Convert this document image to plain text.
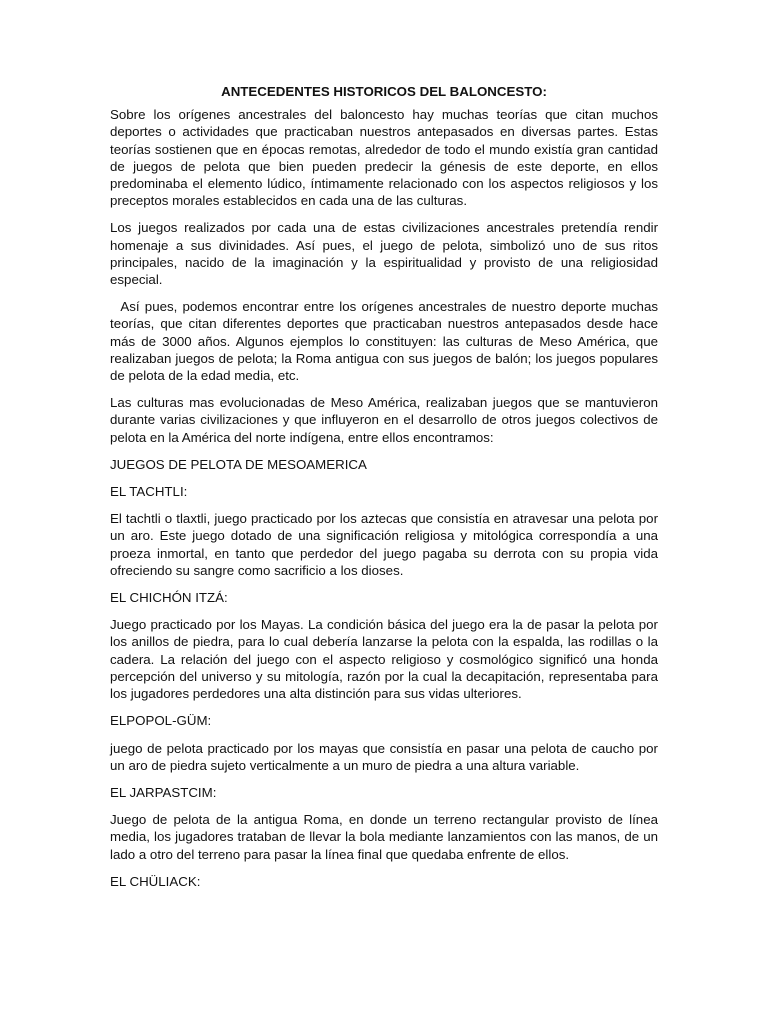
ANTECEDENTES HISTORICOS DEL BALONCESTO:
Sobre los orígenes ancestrales del baloncesto hay muchas teorías que citan muchos deportes o actividades que practicaban nuestros antepasados en diversas partes. Estas teorías sostienen que en épocas remotas, alrededor de todo el mundo existía gran cantidad de juegos de pelota que bien pueden predecir la génesis de este deporte, en ellos predominaba el elemento lúdico, íntimamente relacionado con los aspectos religiosos y los preceptos morales establecidos en cada una de las culturas.
Los juegos realizados por cada una de estas civilizaciones ancestrales pretendía rendir homenaje a sus divinidades. Así pues, el juego de pelota, simbolizó uno de sus ritos principales, nacido de la imaginación y la espiritualidad y provisto de una religiosidad especial.
Así pues, podemos encontrar entre los orígenes ancestrales de nuestro deporte muchas teorías, que citan diferentes deportes que practicaban nuestros antepasados desde hace más de 3000 años. Algunos ejemplos lo constituyen: las culturas de Meso América, que realizaban juegos de pelota; la Roma antigua con sus juegos de balón; los juegos populares de pelota de la edad media, etc.
Las culturas mas evolucionadas de Meso América, realizaban juegos que se mantuvieron durante varias civilizaciones y que influyeron en el desarrollo de otros juegos colectivos de pelota en la América del norte indígena, entre ellos encontramos:
JUEGOS DE PELOTA DE MESOAMERICA
EL TACHTLI:
El tachtli o tlaxtli, juego practicado por los aztecas que consistía en atravesar una pelota por un aro. Este juego dotado de una significación religiosa y mitológica correspondía a una proeza inmortal, en tanto que perdedor del juego pagaba su derrota con su propia vida ofreciendo su sangre como sacrificio a los dioses.
EL CHICHÓN ITZÁ:
Juego practicado por los Mayas. La condición básica del juego era la de pasar la pelota por los anillos de piedra, para lo cual debería lanzarse la pelota con la espalda, las rodillas o la cadera. La relación del juego con el aspecto religioso y cosmológico significó una honda percepción del universo y su mitología, razón por la cual la decapitación, representaba para los jugadores perdedores una alta distinción para sus vidas ulteriores.
ELPOPOL-GÜM:
juego de pelota practicado por los mayas que consistía en pasar una pelota de caucho por un aro de piedra sujeto verticalmente a un muro de piedra a una altura variable.
EL JARPASTCIM:
Juego de pelota de la antigua Roma, en donde un terreno rectangular provisto de línea media, los jugadores trataban de llevar la bola mediante lanzamientos con las manos, de un lado a otro del terreno para pasar la línea final que quedaba enfrente de ellos.
EL CHÜLIACK:
